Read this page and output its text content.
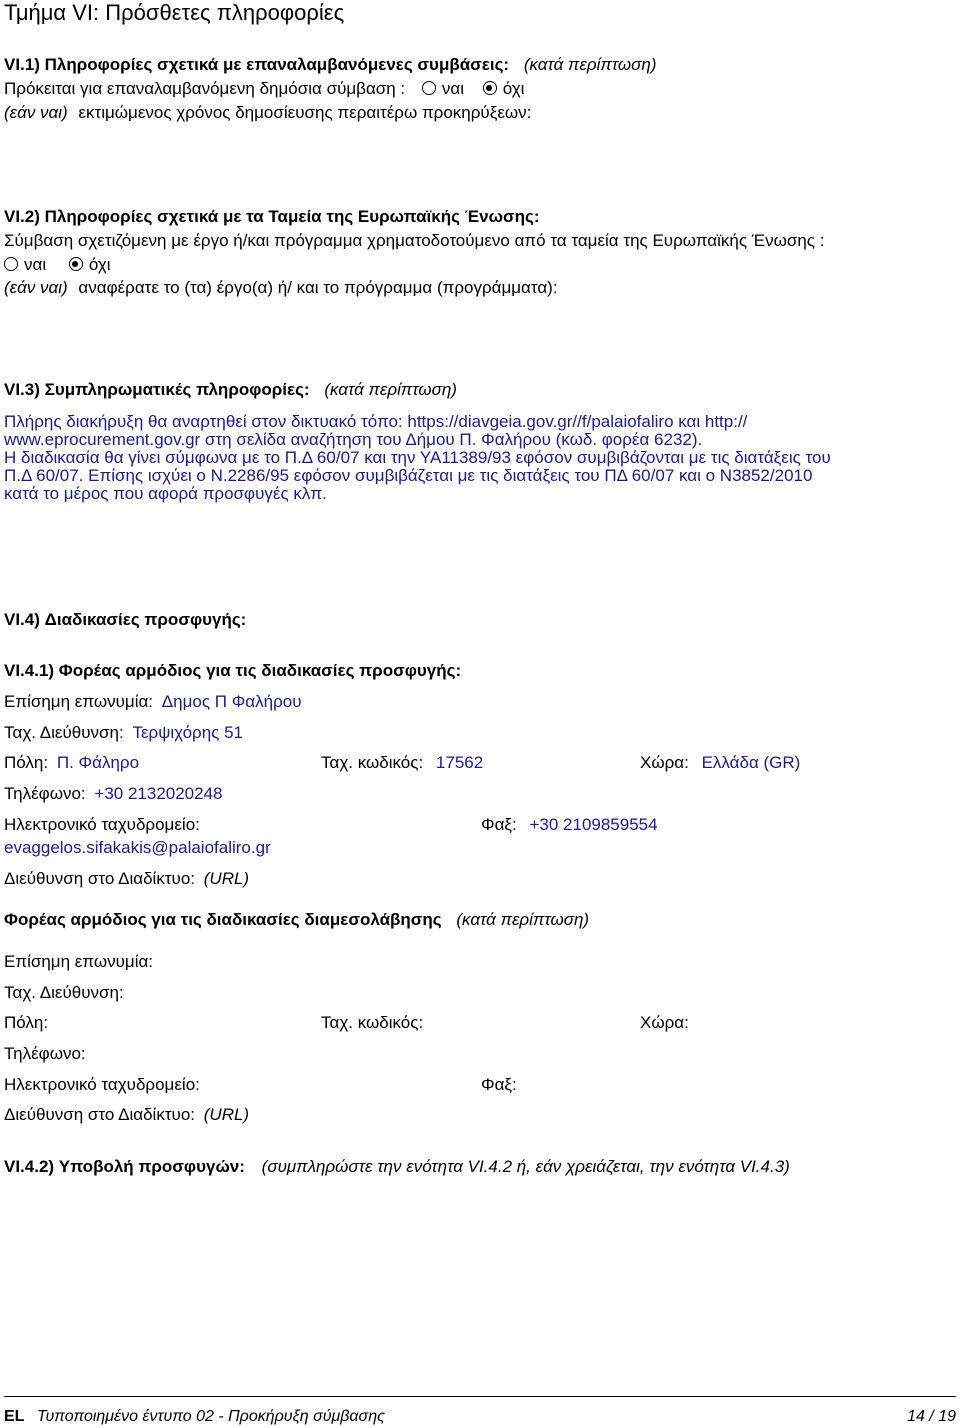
Τμήμα VI: Πρόσθετες πληροφορίες
VI.1) Πληροφορίες σχετικά με επαναλαμβανόμενες συμβάσεις: (κατά περίπτωση)
Πρόκειται για επαναλαμβανόμενη δημόσια σύμβαση : ναι όχι
(εάν ναι) εκτιμώμενος χρόνος δημοσίευσης περαιτέρω προκηρύξεων:
VI.2) Πληροφορίες σχετικά με τα Ταμεία της Ευρωπαϊκής Ένωσης:
Σύμβαση σχετιζόμενη με έργο ή/και πρόγραμμα χρηματοδοτούμενο από τα ταμεία της Ευρωπαϊκής Ένωσης :
ναι	όχι
(εάν ναι) αναφέρατε το (τα) έργο(α) ή/ και το πρόγραμμα (προγράμματα):
VI.3) Συμπληρωματικές πληροφορίες: (κατά περίπτωση)
Πλήρης διακήρυξη θα αναρτηθεί στον δικτυακό τόπο: https://diavgeia.gov.gr//f/palaiofaliro και http://
www.eprocurement.gov.gr στη σελίδα αναζήτηση του Δήμου Π. Φαλήρου (κωδ. φορέα 6232).
Η διαδικασία θα γίνει σύμφωνα με το Π.Δ 60/07 και την ΥΑ11389/93 εφόσον συμβιβάζονται με τις διατάξεις του
Π.Δ 60/07. Επίσης ισχύει ο Ν.2286/95 εφόσον συμβιβάζεται με τις διατάξεις του ΠΔ 60/07 και ο Ν3852/2010
κατά το μέρος που αφορά προσφυγές κλπ.
VI.4) Διαδικασίες προσφυγής:
VI.4.1) Φορέας αρμόδιος για τις διαδικασίες προσφυγής:
Επίσημη επωνυμία: Δημος Π Φαλήρου
Ταχ. Διεύθυνση: Τερψιχόρης 51
Πόλη: Π. Φάληρο	Ταχ. κωδικός: 17562	Χώρα: Ελλάδα (GR)
Τηλέφωνο: +30 2132020248
Ηλεκτρονικό ταχυδρομείο:	Φαξ: +30 2109859554
evaggelos.sifakakis@palaiofaliro.gr
Διεύθυνση στο Διαδίκτυο: (URL)
Φορέας αρμόδιος για τις διαδικασίες διαμεσολάβησης (κατά περίπτωση)
Επίσημη επωνυμία:
Ταχ. Διεύθυνση:
Πόλη:	Ταχ. κωδικός:	Χώρα:
Τηλέφωνο:
Ηλεκτρονικό ταχυδρομείο:	Φαξ:
Διεύθυνση στο Διαδίκτυο: (URL)
VI.4.2) Υποβολή προσφυγών: (συμπληρώστε την ενότητα VI.4.2 ή, εάν χρειάζεται, την ενότητα VI.4.3)
EL Τυποποιημένο έντυπο 02 - Προκήρυξη σύμβασης	14 / 19
